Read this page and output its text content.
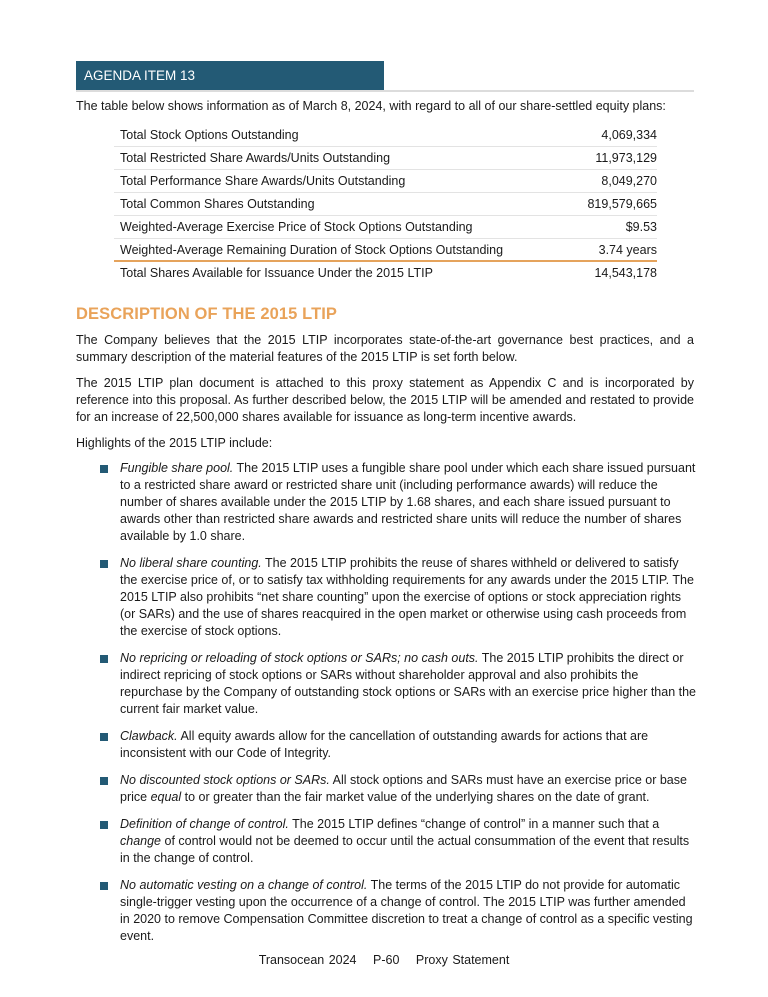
AGENDA ITEM 13
The table below shows information as of March 8, 2024, with regard to all of our share-settled equity plans:
Total Stock Options Outstanding	4,069,334
Total Restricted Share Awards/Units Outstanding	11,973,129
Total Performance Share Awards/Units Outstanding	8,049,270
Total Common Shares Outstanding	819,579,665
Weighted-Average Exercise Price of Stock Options Outstanding	$9.53
Weighted-Average Remaining Duration of Stock Options Outstanding	3.74 years
Total Shares Available for Issuance Under the 2015 LTIP	14,543,178
DESCRIPTION OF THE 2015 LTIP
The Company believes that the 2015 LTIP incorporates state-of-the-art governance best practices, and a summary description of the material features of the 2015 LTIP is set forth below.
The 2015 LTIP plan document is attached to this proxy statement as Appendix C and is incorporated by reference into this proposal. As further described below, the 2015 LTIP will be amended and restated to provide for an increase of 22,500,000 shares available for issuance as long-term incentive awards.
Highlights of the 2015 LTIP include:
Fungible share pool. The 2015 LTIP uses a fungible share pool under which each share issued pursuant to a restricted share award or restricted share unit (including performance awards) will reduce the number of shares available under the 2015 LTIP by 1.68 shares, and each share issued pursuant to awards other than restricted share awards and restricted share units will reduce the number of shares available by 1.0 share.
No liberal share counting. The 2015 LTIP prohibits the reuse of shares withheld or delivered to satisfy the exercise price of, or to satisfy tax withholding requirements for any awards under the 2015 LTIP. The 2015 LTIP also prohibits “net share counting” upon the exercise of options or stock appreciation rights (or SARs) and the use of shares reacquired in the open market or otherwise using cash proceeds from the exercise of stock options.
No repricing or reloading of stock options or SARs; no cash outs. The 2015 LTIP prohibits the direct or indirect repricing of stock options or SARs without shareholder approval and also prohibits the repurchase by the Company of outstanding stock options or SARs with an exercise price higher than the current fair market value.
Clawback. All equity awards allow for the cancellation of outstanding awards for actions that are inconsistent with our Code of Integrity.
No discounted stock options or SARs. All stock options and SARs must have an exercise price or base price equal to or greater than the fair market value of the underlying shares on the date of grant.
Definition of change of control. The 2015 LTIP defines “change of control” in a manner such that a change of control would not be deemed to occur until the actual consummation of the event that results in the change of control.
No automatic vesting on a change of control. The terms of the 2015 LTIP do not provide for automatic single-trigger vesting upon the occurrence of a change of control. The 2015 LTIP was further amended in 2020 to remove Compensation Committee discretion to treat a change of control as a specific vesting event.
Transocean 2024 P-60 Proxy Statement
